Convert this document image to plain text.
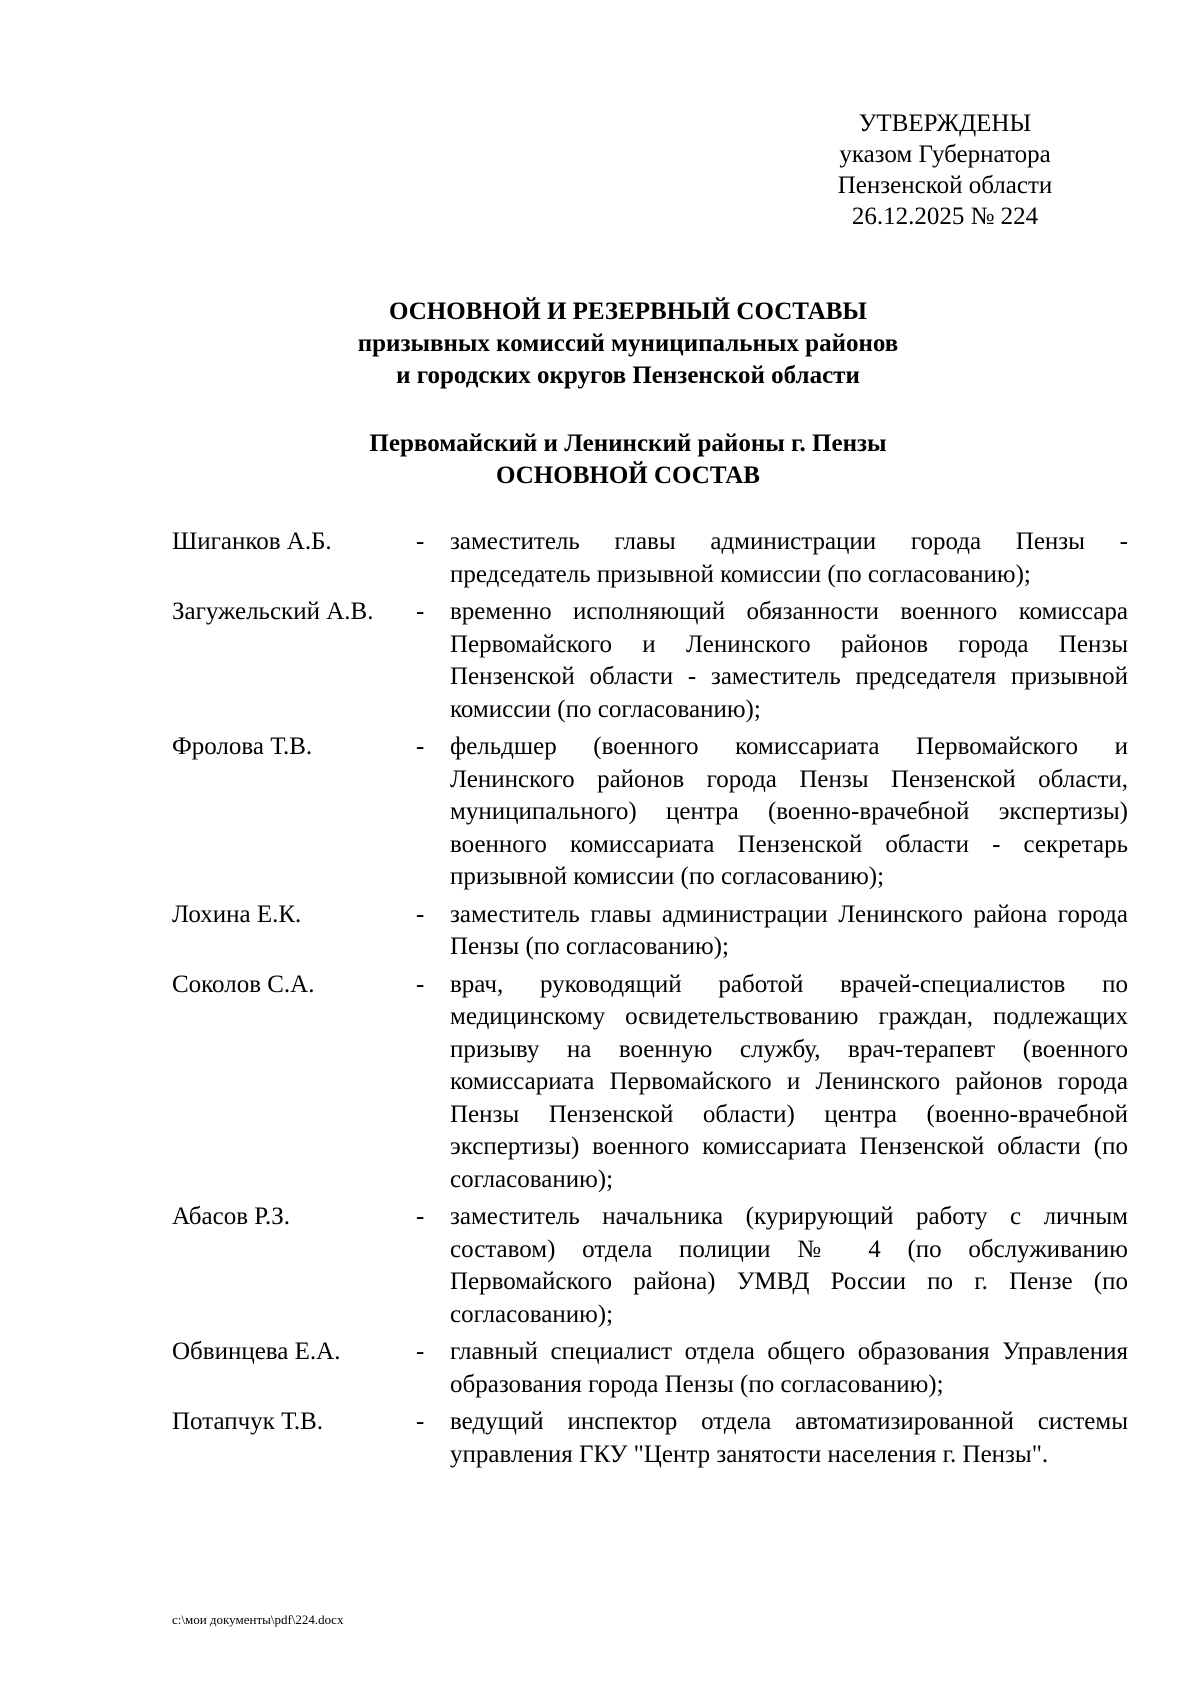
УТВЕРЖДЕНЫ
указом Губернатора
Пензенской области
26.12.2025 № 224
ОСНОВНОЙ И РЕЗЕРВНЫЙ СОСТАВЫ
призывных комиссий муниципальных районов
и городских округов Пензенской области
Первомайский и Ленинский районы г. Пензы
ОСНОВНОЙ СОСТАВ
Шиганков А.Б.	- заместитель главы администрации города Пензы - председатель призывной комиссии (по согласованию);
Загужельский А.В. - временно исполняющий обязанности военного комиссара Первомайского и Ленинского районов города Пензы Пензенской области - заместитель председателя призывной комиссии (по согласованию);
Фролова Т.В.	- фельдшер (военного комиссариата Первомайского и Ленинского районов города Пензы Пензенской области, муниципального) центра (военно-врачебной экспертизы) военного комиссариата Пензенской области - секретарь призывной комиссии (по согласованию);
Лохина Е.К.	- заместитель главы администрации Ленинского района города Пензы (по согласованию);
Соколов С.А.	- врач, руководящий работой врачей-специалистов по медицинскому освидетельствованию граждан, подлежащих призыву на военную службу, врач-терапевт (военного комиссариата Первомайского и Ленинского районов города Пензы Пензенской области) центра (военно-врачебной экспертизы) военного комиссариата Пензенской области (по согласованию);
Абасов Р.З.	- заместитель начальника (курирующий работу с личным составом) отдела полиции № 4 (по обслуживанию Первомайского района) УМВД России по г. Пензе (по согласованию);
Обвинцева Е.А.	- главный специалист отдела общего образования Управления образования города Пензы (по согласованию);
Потапчук Т.В.	- ведущий инспектор отдела автоматизированной системы управления ГКУ "Центр занятости населения г. Пензы".
c:\мои документы\pdf\224.docx
